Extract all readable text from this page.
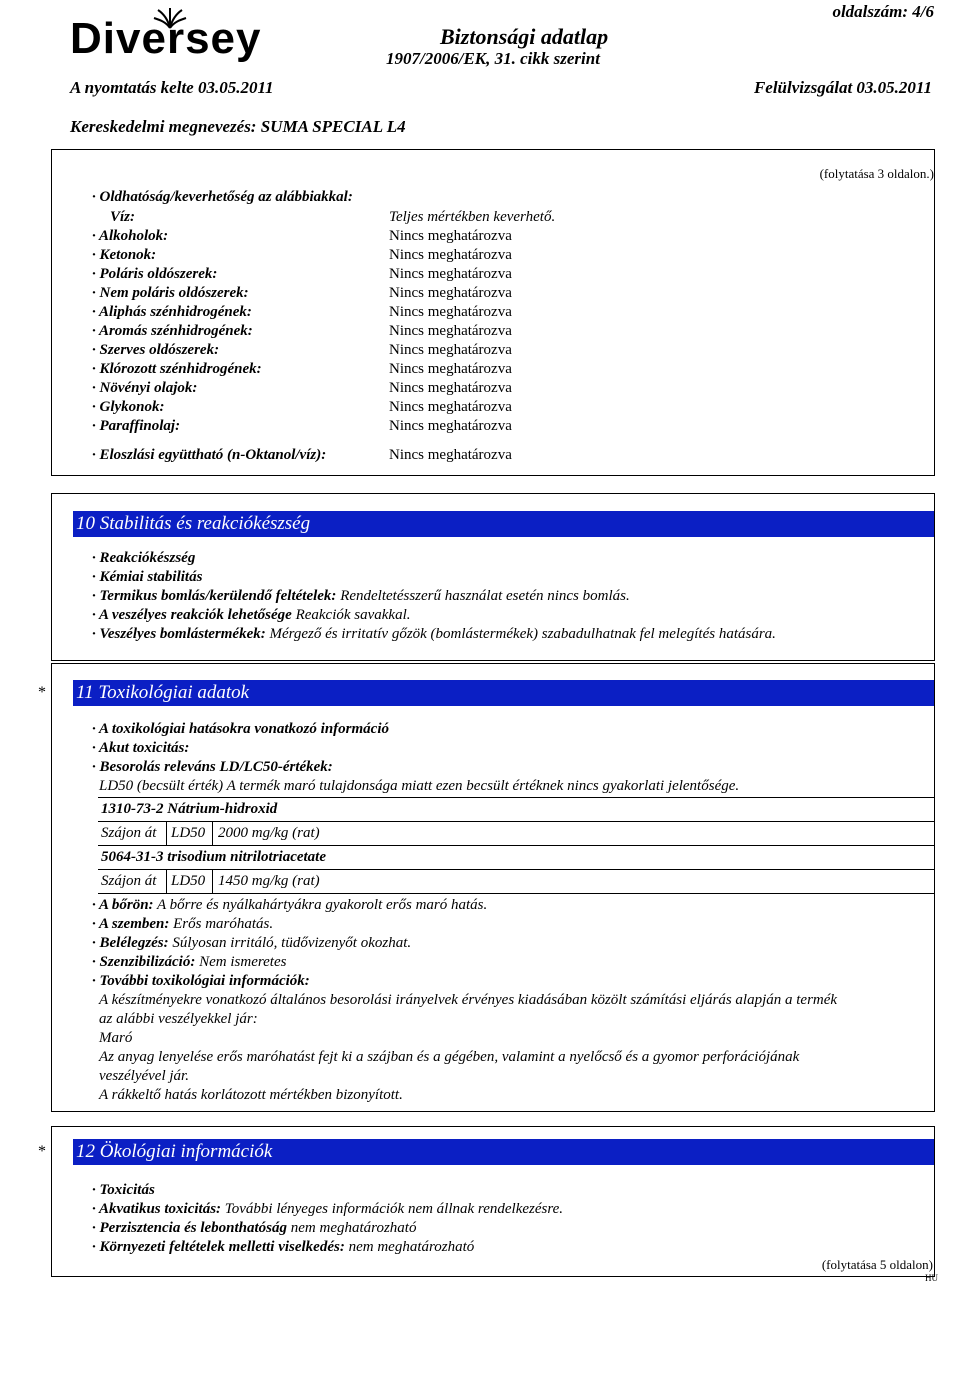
Diversey	Biztonsági adatlap
1907/2006/EK, 31. cikk szerint
oldalszám: 4/6
A nyomtatás kelte 03.05.2011	Felülvizsgálat 03.05.2011
Kereskedelmi megnevezés: SUMA SPECIAL L4
(folytatása 3 oldalon.)
· Oldhatóság/keverhetőség az alábbiakkal:
Víz:	Teljes mértékben keverhető.
· Alkoholok:	Nincs meghatározva
· Ketonok:	Nincs meghatározva
· Poláris oldószerek:	Nincs meghatározva
· Nem poláris oldószerek:	Nincs meghatározva
· Aliphás szénhidrogének:	Nincs meghatározva
· Aromás szénhidrogének:	Nincs meghatározva
· Szerves oldószerek:	Nincs meghatározva
· Klórozott szénhidrogének:	Nincs meghatározva
· Növényi olajok:	Nincs meghatározva
· Glykonok:	Nincs meghatározva
· Paraffinolaj:	Nincs meghatározva
· Eloszlási együttható (n-Oktanol/víz):	Nincs meghatározva
10 Stabilitás és reakciókészség
· Reakciókészség
· Kémiai stabilitás
· Termikus bomlás/kerülendő feltételek: Rendeltetésszerű használat esetén nincs bomlás.
· A veszélyes reakciók lehetősége Reakciók savakkal.
· Veszélyes bomlástermékek: Mérgező és irritatív gőzök (bomlástermékek) szabadulhatnak fel melegítés hatására.
* 11 Toxikológiai adatok
· A toxikológiai hatásokra vonatkozó információ
· Akut toxicitás:
· Besorolás releváns LD/LC50-értékek:
LD50 (becsült érték) A termék maró tulajdonsága miatt ezen becsült értéknek nincs gyakorlati jelentősége.
1310-73-2 Nátrium-hidroxid
Szájon át LD50 2000 mg/kg (rat)
5064-31-3 trisodium nitrilotriacetate
Szájon át LD50 1450 mg/kg (rat)
· A bőrön: A bőrre és nyálkahártyákra gyakorolt erős maró hatás.
· A szemben: Erős maróhatás.
· Belélegzés: Súlyosan irritáló, tüdővizenyőt okozhat.
· Szenzibilizáció: Nem ismeretes
· További toxikológiai információk:
A készítményekre vonatkozó általános besorolási irányelvek érvényes kiadásában közölt számítási eljárás alapján a termék
az alábbi veszélyekkel jár:
Maró
Az anyag lenyelése erős maróhatást fejt ki a szájban és a gégében, valamint a nyelőcső és a gyomor perforációjának
veszélyével jár.
A rákkeltő hatás korlátozott mértékben bizonyított.
* 12 Ökológiai információk
· Toxicitás
· Akvatikus toxicitás: További lényeges információk nem állnak rendelkezésre.
· Perzisztencia és lebonthatóság nem meghatározható
· Környezeti feltételek melletti viselkedés: nem meghatározható
(folytatása 5 oldalon)
HU
